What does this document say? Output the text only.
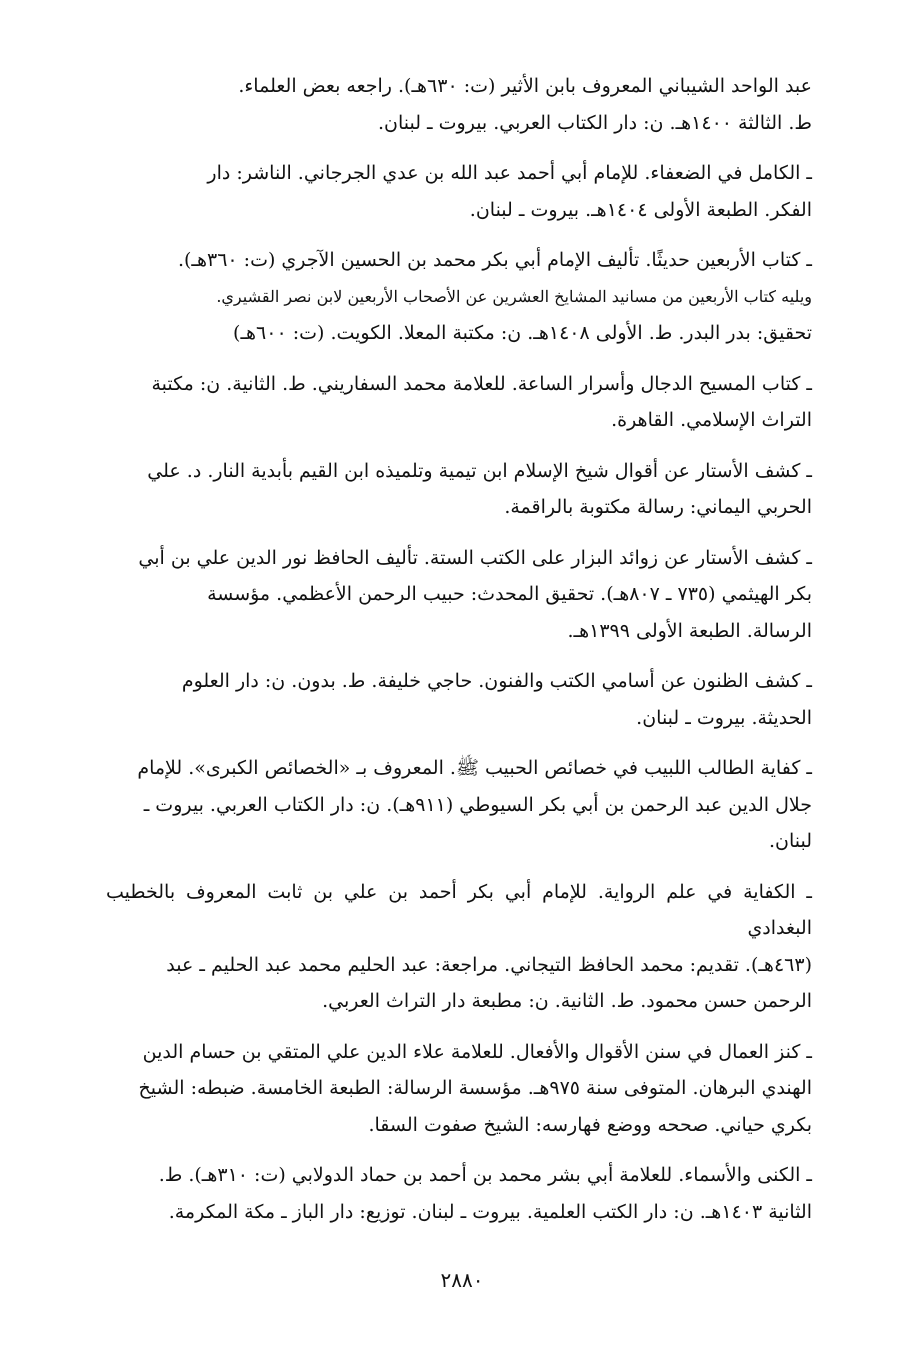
عبد الواحد الشيباني المعروف بابن الأثير (ت: ٦٣٠هـ). راجعه بعض العلماء.

ط. الثالثة ١٤٠٠هـ. ن: دار الكتاب العربي. بيروت ـ لبنان.

ـ الكامل في الضعفاء. للإمام أبي أحمد عبد الله بن عدي الجرجاني. الناشر: دار

الفكر. الطبعة الأولى ١٤٠٤هـ. بيروت ـ لبنان.

ـ كتاب الأربعين حديثًا. تأليف الإمام أبي بكر محمد بن الحسين الآجري (ت: ٣٦٠هـ).

ويليه كتاب الأربعين من مسانيد المشايخ العشرين عن الأصحاب الأربعين لابن نصر القشيري.

تحقيق: بدر البدر. ط. الأولى ١٤٠٨هـ. ن: مكتبة المعلا. الكويت. (ت: ٦٠٠هـ)

ـ كتاب المسيح الدجال وأسرار الساعة. للعلامة محمد السفاريني. ط. الثانية. ن: مكتبة

التراث الإسلامي. القاهرة.

ـ كشف الأستار عن أقوال شيخ الإسلام ابن تيمية وتلميذه ابن القيم بأبدية النار. د. علي

الحربي اليماني: رسالة مكتوبة بالراقمة.

ـ كشف الأستار عن زوائد البزار على الكتب الستة. تأليف الحافظ نور الدين علي بن أبي

بكر الهيثمي (٧٣٥ ـ ٨٠٧هـ). تحقيق المحدث: حبيب الرحمن الأعظمي. مؤسسة

الرسالة. الطبعة الأولى ١٣٩٩هـ.

ـ كشف الظنون عن أسامي الكتب والفنون. حاجي خليفة. ط. بدون. ن: دار العلوم

الحديثة. بيروت ـ لبنان.

ـ كفاية الطالب اللبيب في خصائص الحبيب ﷺ. المعروف بـ «الخصائص الكبرى». للإمام

جلال الدين عبد الرحمن بن أبي بكر السيوطي (٩١١هـ). ن: دار الكتاب العربي. بيروت ـ

لبنان.

ـ الكفاية في علم الرواية. للإمام أبي بكر أحمد بن علي بن ثابت المعروف بالخطيب البغدادي

(٤٦٣هـ). تقديم: محمد الحافظ التيجاني. مراجعة: عبد الحليم محمد عبد الحليم ـ عبد

الرحمن حسن محمود. ط. الثانية. ن: مطبعة دار التراث العربي.

ـ كنز العمال في سنن الأقوال والأفعال. للعلامة علاء الدين علي المتقي بن حسام الدين

الهندي البرهان. المتوفى سنة ٩٧٥هـ. مؤسسة الرسالة: الطبعة الخامسة. ضبطه: الشيخ

بكري حياني. صححه ووضع فهارسه: الشيخ صفوت السقا.

ـ الكنى والأسماء. للعلامة أبي بشر محمد بن أحمد بن حماد الدولابي (ت: ٣١٠هـ). ط.

الثانية ١٤٠٣هـ. ن: دار الكتب العلمية. بيروت ـ لبنان. توزيع: دار الباز ـ مكة المكرمة.

٢٨٨٠
